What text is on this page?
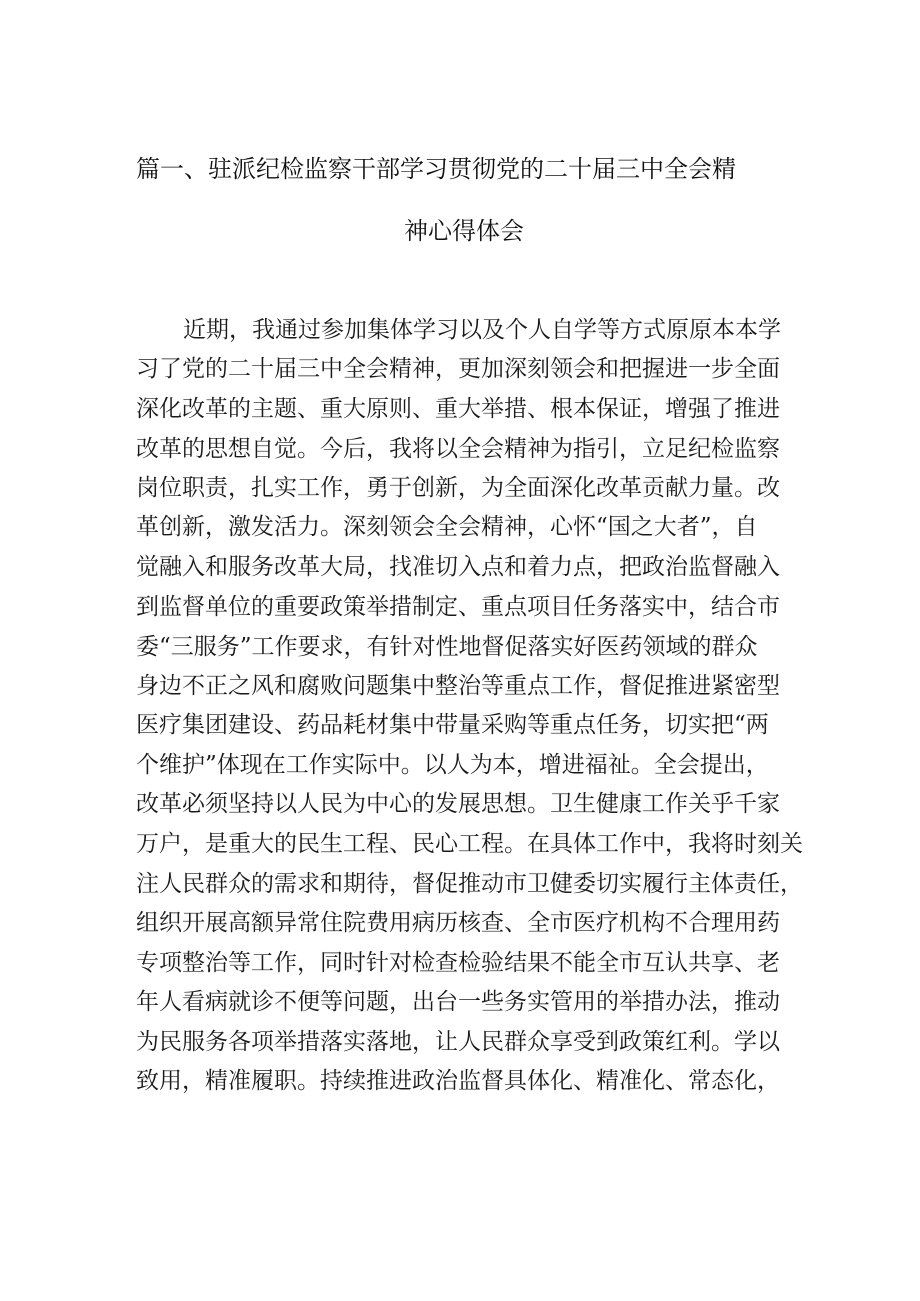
篇一、驻派纪检监察干部学习贯彻党的二十届三中全会精
神心得体会
近期，我通过参加集体学习以及个人自学等方式原原本本学
习了党的二十届三中全会精神，更加深刻领会和把握进一步全面
深化改革的主题、重大原则、重大举措、根本保证，增强了推进
改革的思想自觉。今后，我将以全会精神为指引，立足纪检监察
岗位职责，扎实工作，勇于创新，为全面深化改革贡献力量。改
革创新，激发活力。深刻领会全会精神，心怀“国之大者”，自
觉融入和服务改革大局，找准切入点和着力点，把政治监督融入
到监督单位的重要政策举措制定、重点项目任务落实中，结合市
委“三服务”工作要求，有针对性地督促落实好医药领域的群众
身边不正之风和腐败问题集中整治等重点工作，督促推进紧密型
医疗集团建设、药品耗材集中带量采购等重点任务，切实把“两
个维护”体现在工作实际中。以人为本，增进福祉。全会提出，
改革必须坚持以人民为中心的发展思想。卫生健康工作关乎千家
万户，是重大的民生工程、民心工程。在具体工作中，我将时刻关
注人民群众的需求和期待，督促推动市卫健委切实履行主体责任，
组织开展高额异常住院费用病历核查、全市医疗机构不合理用药
专项整治等工作，同时针对检查检验结果不能全市互认共享、老
年人看病就诊不便等问题，出台一些务实管用的举措办法，推动
为民服务各项举措落实落地，让人民群众享受到政策红利。学以
致用，精准履职。持续推进政治监督具体化、精准化、常态化，
